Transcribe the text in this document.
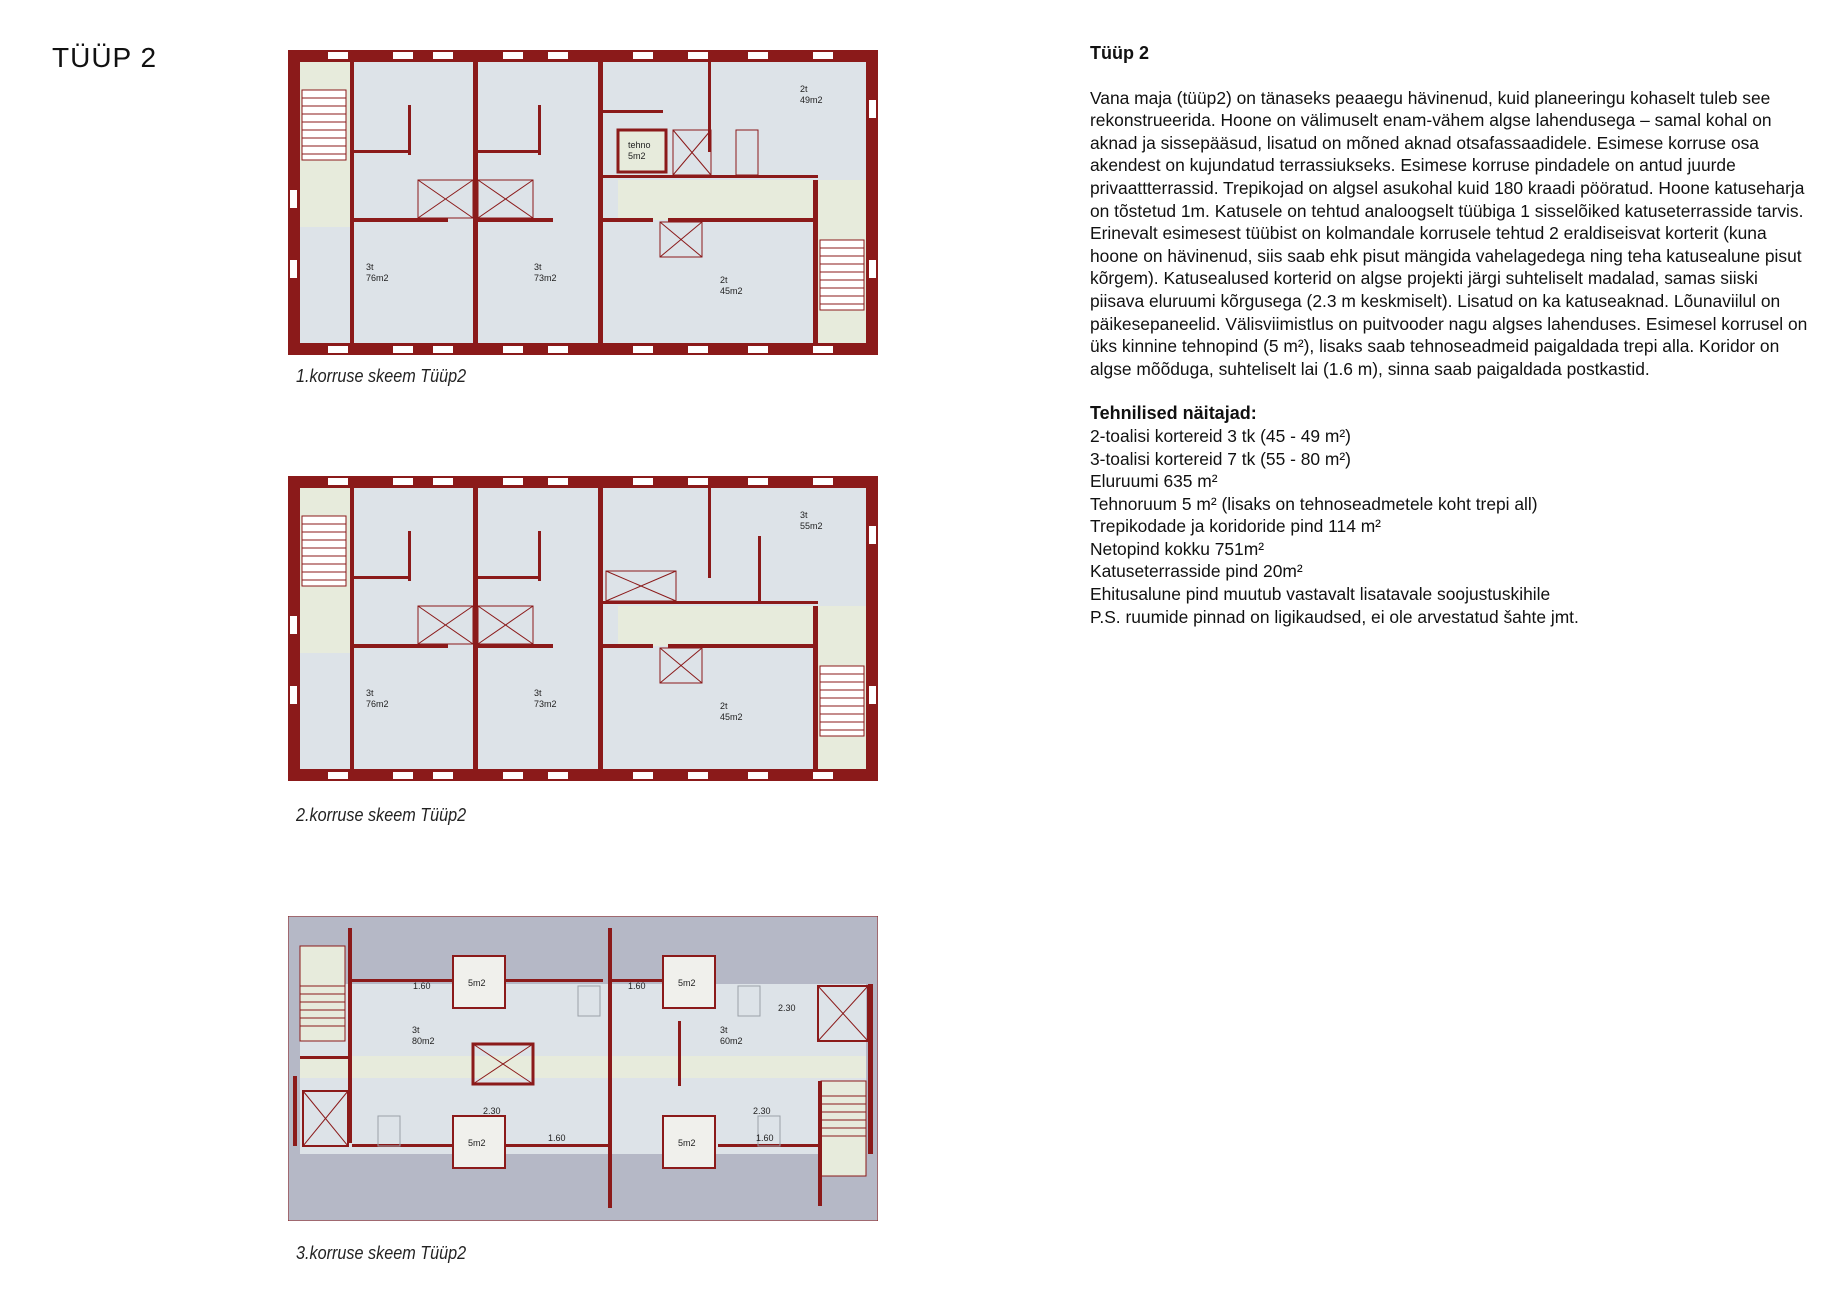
TÜÜP 2
3t
76m2
3t
73m2	2t
45m2
2t
49m2
tehno
5m2
1.korruse skeem Tüüp2
3t
76m2
3t
73m2	2t
45m2
3t
55m2
2.korruse skeem Tüüp2
3t
80m2
3t
60m2
5m2	5m2
5m2	5m2
1.60	1.60
2.30
2.30	2.30
1.60	1.60
3.korruse skeem Tüüp2
Tüüp 2

Vana maja (tüüp2) on tänaseks peaaegu hävinenud, kuid planeeringu kohaselt tuleb see rekonstrueerida. Hoone on välimuselt enam-vähem algse lahendusega – samal kohal on aknad ja sissepääsud, lisatud on mõned aknad otsafassaadidele. Esimese korruse osa akendest on kujundatud terrassiukseks. Esimese korruse pindadele on antud juurde privaattterrassid. Trepikojad on algsel asukohal kuid 180 kraadi pööratud. Hoone katuseharja on tõstetud 1m. Katusele on tehtud analoogselt tüübiga 1 sisselõiked katuseterrasside tarvis. Erinevalt esimesest tüübist on kolmandale korrusele tehtud 2 eraldiseisvat korterit (kuna hoone on hävinenud, siis saab ehk pisut mängida vahelagedega ning teha katusealune pisut kõrgem). Katusealused korterid on algse projekti järgi suhteliselt madalad, samas siiski piisava eluruumi kõrgusega (2.3 m keskmiselt). Lisatud on ka katuseaknad. Lõunaviilul on päikesepaneelid. Välisviimistlus on puitvooder nagu algses lahenduses. Esimesel korrusel on üks kinnine tehnopind (5 m²), lisaks saab tehnoseadmeid paigaldada trepi alla. Koridor on algse mõõduga, suhteliselt lai (1.6 m), sinna saab paigaldada postkastid.

Tehnilised näitajad:
2-toalisi kortereid 3 tk (45 - 49 m²)
3-toalisi kortereid 7 tk (55 - 80 m²)
Eluruumi 635 m²
Tehnoruum 5 m² (lisaks on tehnoseadmetele koht trepi all)
Trepikodade ja koridoride pind 114 m²
Netopind kokku 751m²
Katuseterrasside pind 20m²
Ehitusalune pind muutub vastavalt lisatavale soojustuskihile
P.S. ruumide pinnad on ligikaudsed, ei ole arvestatud šahte jmt.
